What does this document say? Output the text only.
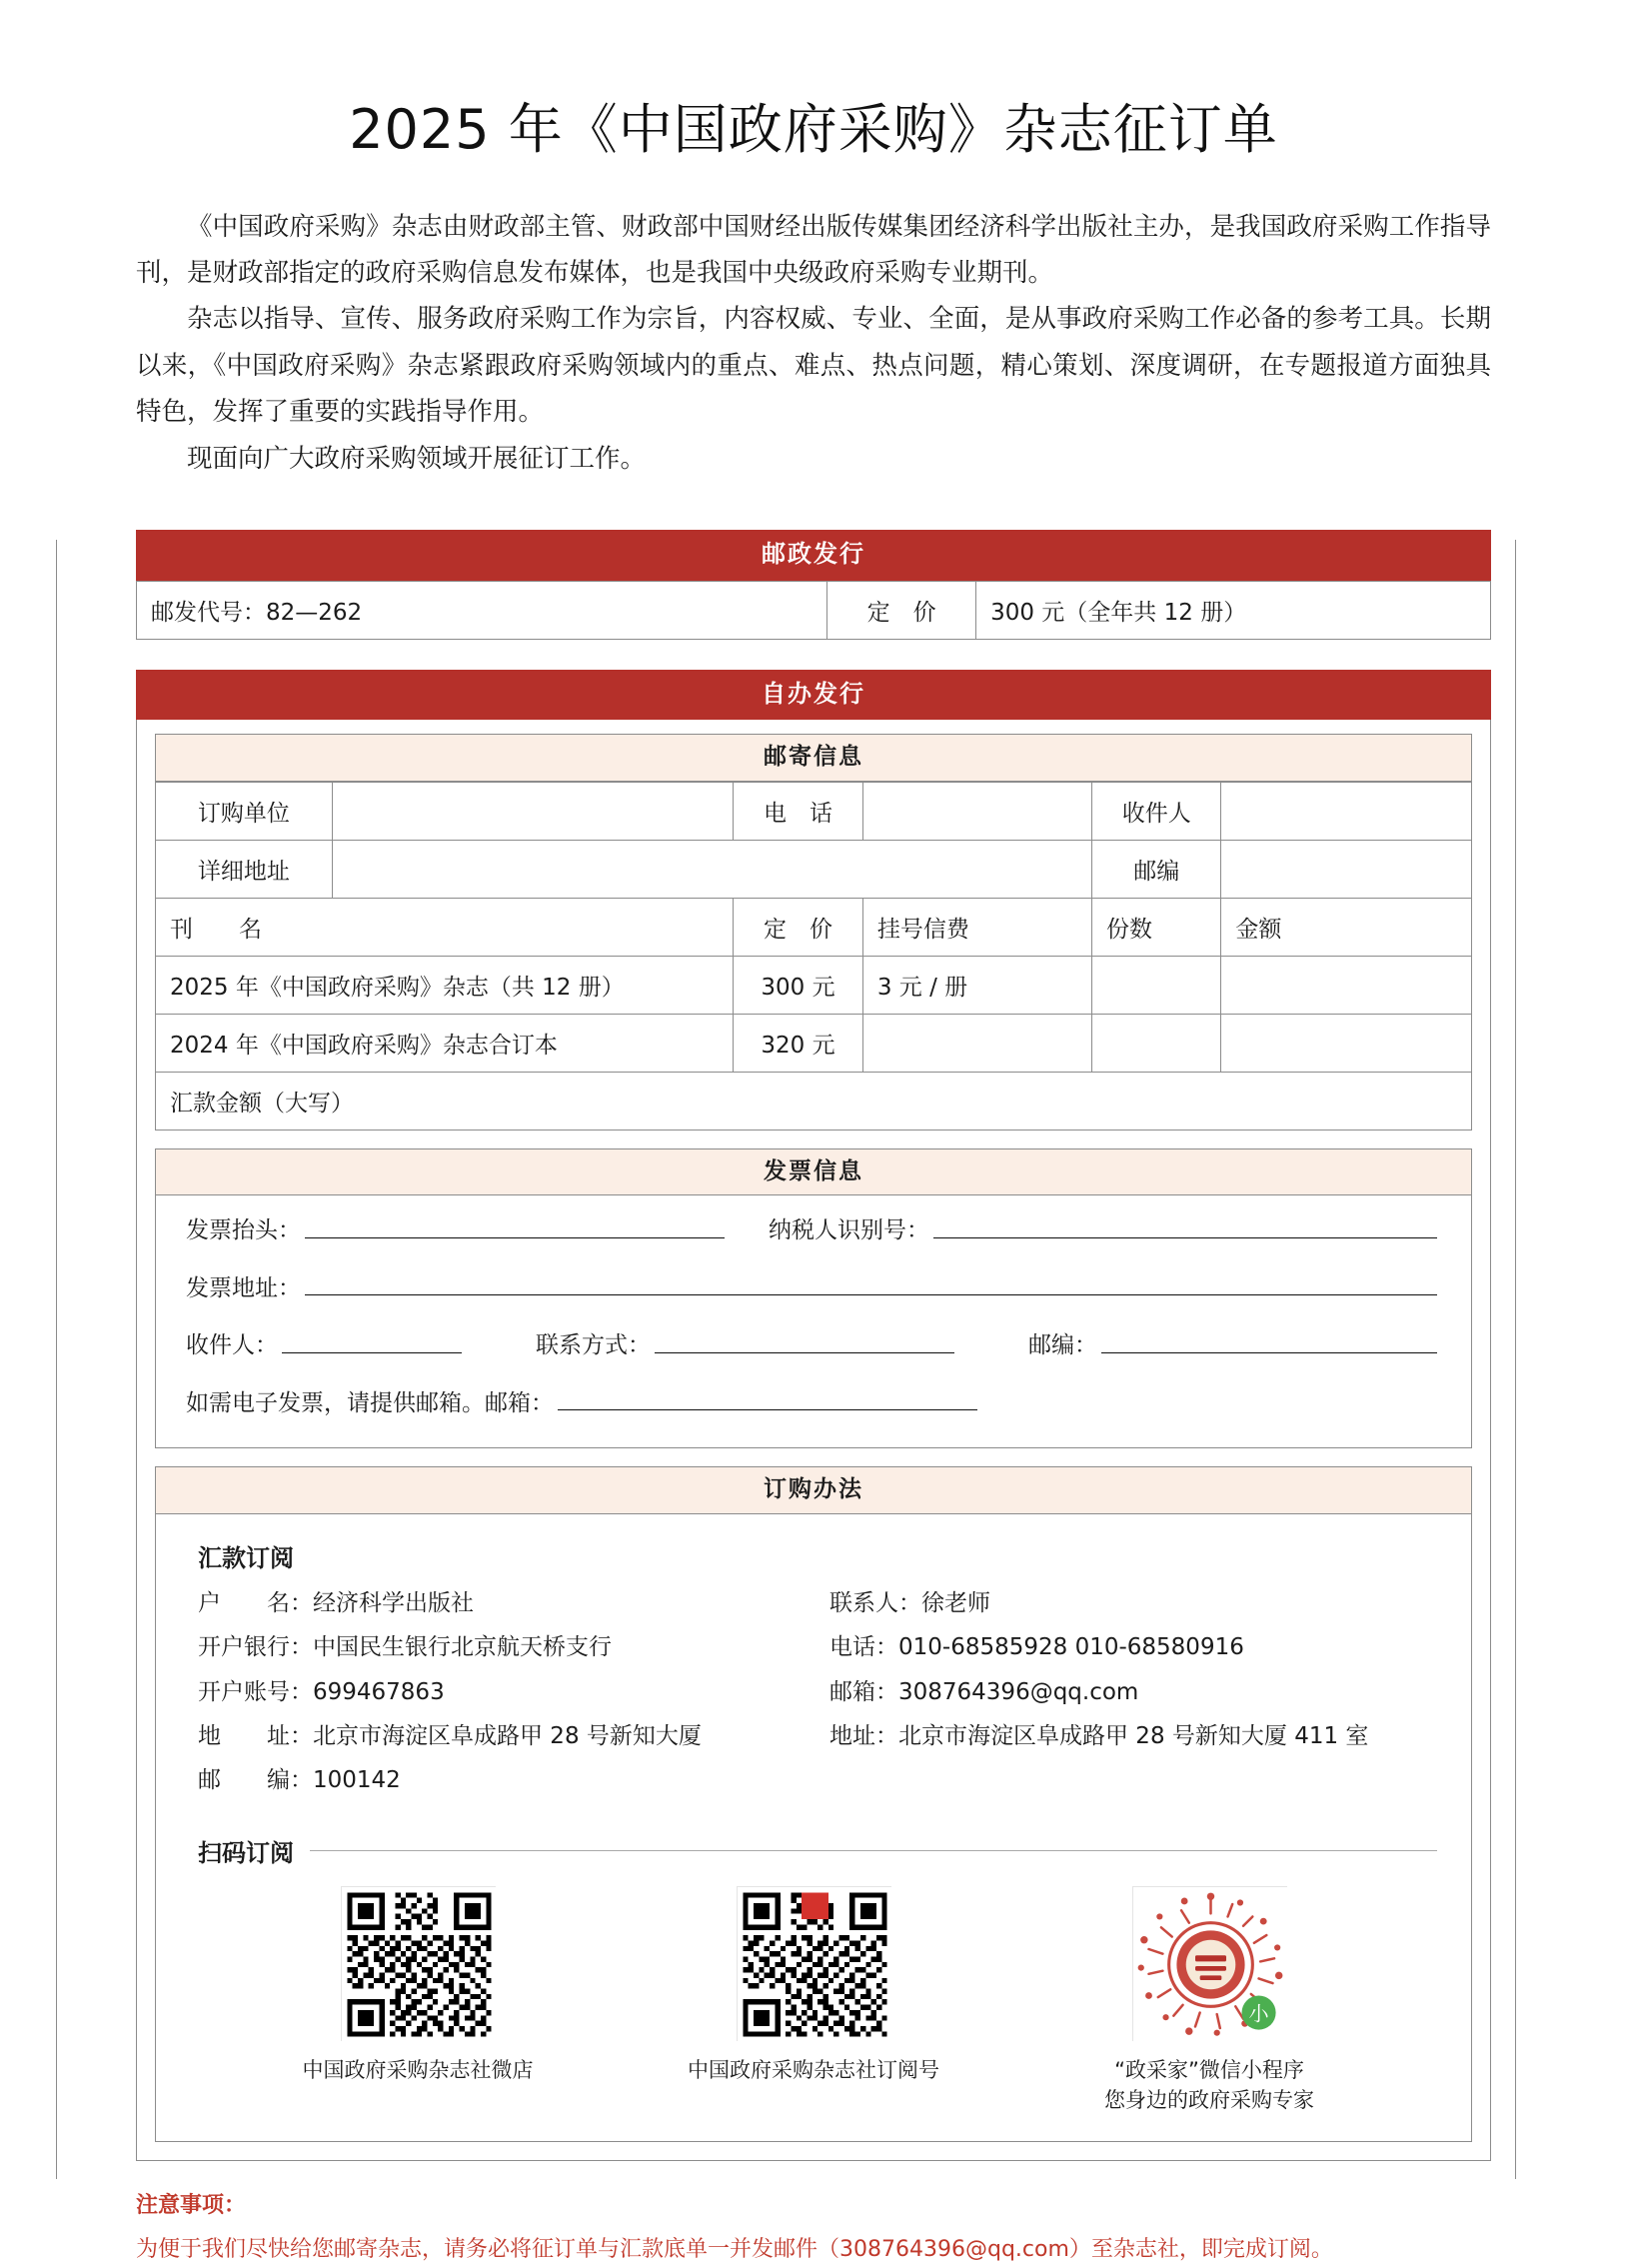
2025 年《中国政府采购》杂志征订单

《中国政府采购》杂志由财政部主管、财政部中国财经出版传媒集团经济科学出版社主办，是我国政府采购工作指导刊，是财政部指定的政府采购信息发布媒体，也是我国中央级政府采购专业期刊。

杂志以指导、宣传、服务政府采购工作为宗旨，内容权威、专业、全面，是从事政府采购工作必备的参考工具。长期以来，《中国政府采购》杂志紧跟政府采购领域内的重点、难点、热点问题，精心策划、深度调研，在专题报道方面独具特色，发挥了重要的实践指导作用。

现面向广大政府采购领域开展征订工作。

邮政发行
邮发代号：82—262	定　价	300 元（全年共 12 册）
自办发行
邮寄信息
订购单位		电　话		收件人	
详细地址				邮编	
刊　　名		定　价	挂号信费	份数	金额
2025 年《中国政府采购》杂志（共 12 册）		300 元	3 元 / 册		
2024 年《中国政府采购》杂志合订本		320 元			
汇款金额（大写）					
发票信息
发票抬头：	纳税人识别号：
发票地址：
收件人：	联系方式：	邮编：
如需电子发票，请提供邮箱。邮箱：
订购办法
汇款订阅
户　　名：经济科学出版社
开户银行：中国民生银行北京航天桥支行
开户账号：699467863
地　　址：北京市海淀区阜成路甲 28 号新知大厦
邮　　编：100142
联系人：徐老师
电话：010-68585928 010-68580916
邮箱：308764396@qq.com
地址：北京市海淀区阜成路甲 28 号新知大厦 411 室
扫码订阅
中国政府采购杂志社微店	中国政府采购杂志社订阅号
小
“政采家”微信小程序
您身边的政府采购专家
注意事项：
为便于我们尽快给您邮寄杂志，请务必将征订单与汇款底单一并发邮件（308764396@qq.com）至杂志社，即完成订阅。
